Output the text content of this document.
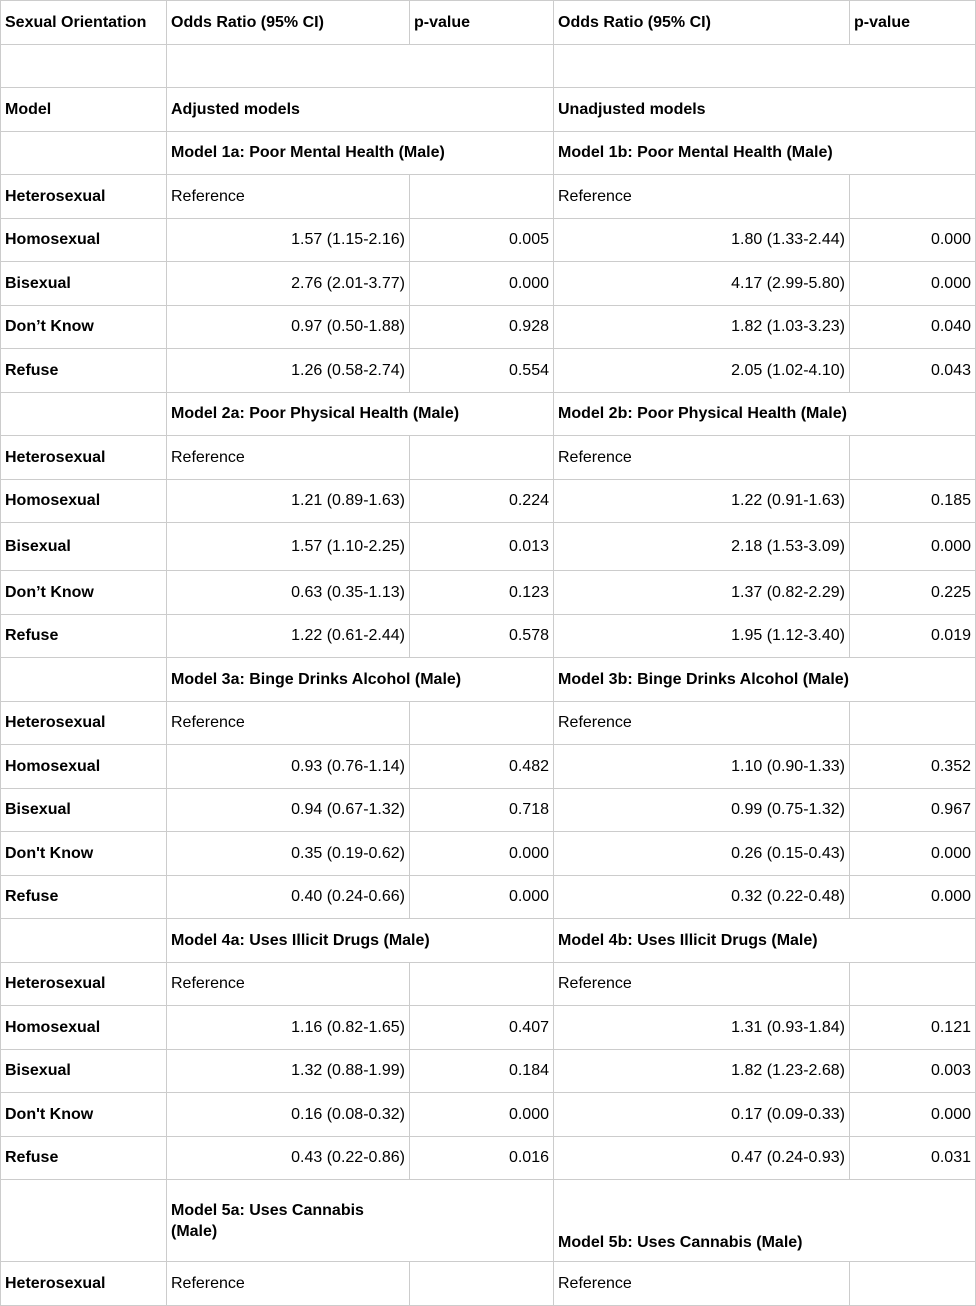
Sexual Orientation	Odds Ratio (95% CI)	p-value	Odds Ratio (95% CI)	p-value

Model	Adjusted models		Unadjusted models	
	Model 1a: Poor Mental Health (Male)		Model 1b: Poor Mental Health (Male)	
Heterosexual	Reference		Reference	
Homosexual	1.57 (1.15-2.16)	0.005	1.80 (1.33-2.44)	0.000
Bisexual	2.76 (2.01-3.77)	0.000	4.17 (2.99-5.80)	0.000
Don’t Know	0.97 (0.50-1.88)	0.928	1.82 (1.03-3.23)	0.040
Refuse	1.26 (0.58-2.74)	0.554	2.05 (1.02-4.10)	0.043
	Model 2a: Poor Physical Health (Male)		Model 2b: Poor Physical Health (Male)	
Heterosexual	Reference		Reference	
Homosexual	1.21 (0.89-1.63)	0.224	1.22 (0.91-1.63)	0.185
Bisexual	1.57 (1.10-2.25)	0.013	2.18 (1.53-3.09)	0.000
Don’t Know	0.63 (0.35-1.13)	0.123	1.37 (0.82-2.29)	0.225
Refuse	1.22 (0.61-2.44)	0.578	1.95 (1.12-3.40)	0.019
	Model 3a: Binge Drinks Alcohol (Male)		Model 3b: Binge Drinks Alcohol (Male)	
Heterosexual	Reference		Reference	
Homosexual	0.93 (0.76-1.14)	0.482	1.10 (0.90-1.33)	0.352
Bisexual	0.94 (0.67-1.32)	0.718	0.99 (0.75-1.32)	0.967
Don't Know	0.35 (0.19-0.62)	0.000	0.26 (0.15-0.43)	0.000
Refuse	0.40 (0.24-0.66)	0.000	0.32 (0.22-0.48)	0.000
	Model 4a: Uses Illicit Drugs (Male)		Model 4b: Uses Illicit Drugs (Male)	
Heterosexual	Reference		Reference	
Homosexual	1.16 (0.82-1.65)	0.407	1.31 (0.93-1.84)	0.121
Bisexual	1.32 (0.88-1.99)	0.184	1.82 (1.23-2.68)	0.003
Don't Know	0.16 (0.08-0.32)	0.000	0.17 (0.09-0.33)	0.000
Refuse	0.43 (0.22-0.86)	0.016	0.47 (0.24-0.93)	0.031
	Model 5a: Uses Cannabis (Male)		Model 5b: Uses Cannabis (Male)	
Heterosexual	Reference		Reference	
